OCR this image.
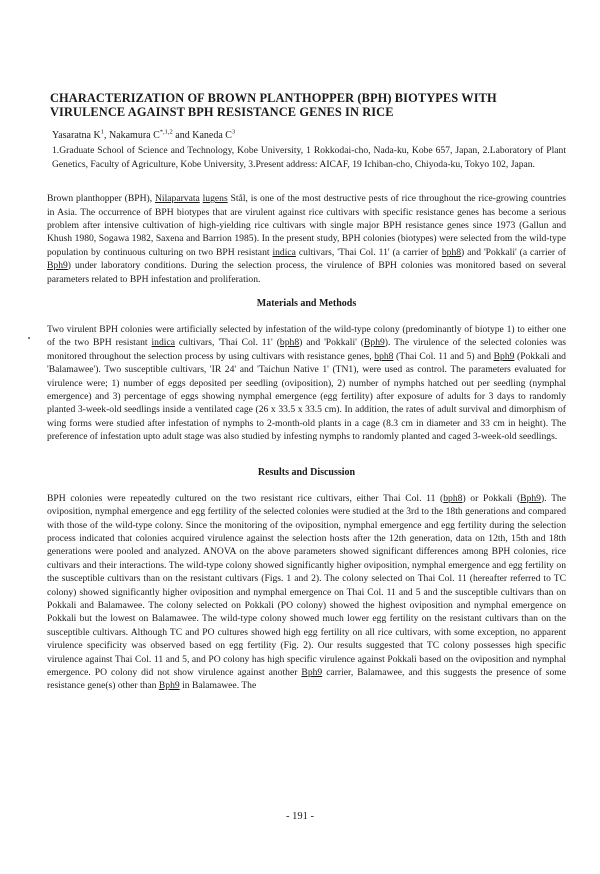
CHARACTERIZATION OF BROWN PLANTHOPPER (BPH) BIOTYPES WITH VIRULENCE AGAINST BPH RESISTANCE GENES IN RICE

Yasaratna $K^1$, Nakamura $C^{*,1,2}$ and Kaneda $C^3$

1.Graduate School of Science and Technology, Kobe University, 1 Rokkodai-cho, Nada-ku, Kobe 657, Japan, 2.Laboratory of Plant Genetics, Faculty of Agriculture, Kobe University, 3.Present address: AICAF, 19 Ichiban-cho, Chiyoda-ku, Tokyo 102, Japan.

Brown planthopper (BPH), Nilaparvata lugens Stål, is one of the most destructive pests of rice throughout the rice-growing countries in Asia. The occurrence of BPH biotypes that are virulent against rice cultivars with specific resistance genes has become a serious problem after intensive cultivation of high-yielding rice cultivars with single major BPH resistance genes since 1973 (Gallun and Khush 1980, Sogawa 1982, Saxena and Barrion 1985). In the present study, BPH colonies (biotypes) were selected from the wild-type population by continuous culturing on two BPH resistant indica cultivars, 'Thai Col. 11' (a carrier of bph8) and 'Pokkali' (a carrier of Bph9) under laboratory conditions. During the selection process, the virulence of BPH colonies was monitored based on several parameters related to BPH infestation and proliferation.

Materials and Methods

Two virulent BPH colonies were artificially selected by infestation of the wild-type colony (predominantly of biotype 1) to either one of the two BPH resistant indica cultivars, 'Thai Col. 11' (bph8) and 'Pokkali' (Bph9). The virulence of the selected colonies was monitored throughout the selection process by using cultivars with resistance genes, bph8 (Thai Col. 11 and 5) and Bph9 (Pokkali and 'Balamawee'). Two susceptible cultivars, 'IR 24' and 'Taichun Native 1' (TN1), were used as control. The parameters evaluated for virulence were; 1) number of eggs deposited per seedling (oviposition), 2) number of nymphs hatched out per seedling (nymphal emergence) and 3) percentage of eggs showing nymphal emergence (egg fertility) after exposure of adults for 3 days to randomly planted 3-week-old seedlings inside a ventilated cage (26 x 33.5 x 33.5 cm). In addition, the rates of adult survival and dimorphism of wing forms were studied after infestation of nymphs to 2-month-old plants in a cage (8.3 cm in diameter and 33 cm in height). The preference of infestation upto adult stage was also studied by infesting nymphs to randomly planted and caged 3-week-old seedlings.

Results and Discussion

BPH colonies were repeatedly cultured on the two resistant rice cultivars, either Thai Col. 11 (bph8) or Pokkali (Bph9). The oviposition, nymphal emergence and egg fertility of the selected colonies were studied at the 3rd to the 18th generations and compared with those of the wild-type colony. Since the monitoring of the oviposition, nymphal emergence and egg fertility during the selection process indicated that colonies acquired virulence against the selection hosts after the 12th generation, data on 12th, 15th and 18th generations were pooled and analyzed. ANOVA on the above parameters showed significant differences among BPH colonies, rice cultivars and their interactions. The wild-type colony showed significantly higher oviposition, nymphal emergence and egg fertility on the susceptible cultivars than on the resistant cultivars (Figs. 1 and 2). The colony selected on Thai Col. 11 (hereafter referred to TC colony) showed significantly higher oviposition and nymphal emergence on Thai Col. 11 and 5 and the susceptible cultivars than on Pokkali and Balamawee. The colony selected on Pokkali (PO colony) showed the highest oviposition and nymphal emergence on Pokkali but the lowest on Balamawee. The wild-type colony showed much lower egg fertility on the resistant cultivars than on the susceptible cultivars. Although TC and PO cultures showed high egg fertility on all rice cultivars, with some exception, no apparent virulence specificity was observed based on egg fertility (Fig. 2). Our results suggested that TC colony possesses high specific virulence against Thai Col. 11 and 5, and PO colony has high specific virulence against Pokkali based on the oviposition and nymphal emergence. PO colony did not show virulence against another Bph9 carrier, Balamawee, and this suggests the presence of some resistance gene(s) other than Bph9 in Balamawee. The

- 191 -
